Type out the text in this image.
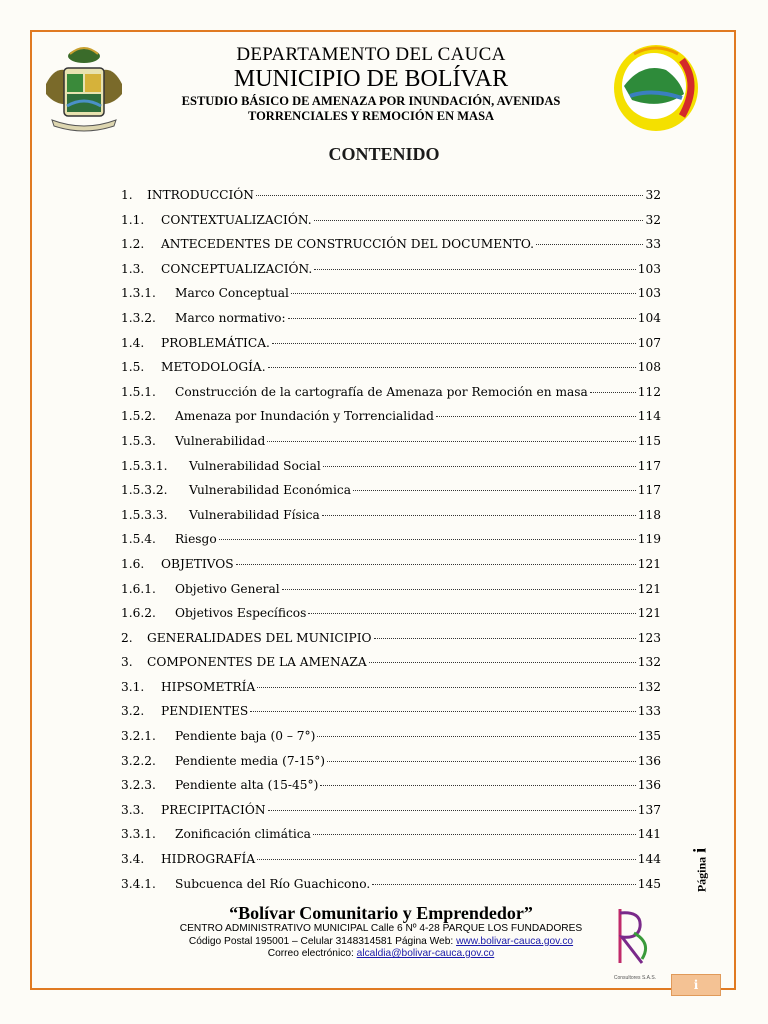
DEPARTAMENTO DEL CAUCA
MUNICIPIO DE BOLÍVAR
ESTUDIO BÁSICO DE AMENAZA POR INUNDACIÓN, AVENIDAS
TORRENCIALES Y REMOCIÓN EN MASA
CONTENIDO
1.	INTRODUCCIÓN	32
1.1.	CONTEXTUALIZACIÓN.	32
1.2.	ANTECEDENTES DE CONSTRUCCIÓN DEL DOCUMENTO.	33
1.3.	CONCEPTUALIZACIÓN.	103
1.3.1.	Marco Conceptual	103
1.3.2.	Marco normativo:	104
1.4.	PROBLEMÁTICA.	107
1.5.	METODOLOGÍA.	108
1.5.1.	Construcción de la cartografía de Amenaza por Remoción en masa	112
1.5.2.	Amenaza por Inundación y Torrencialidad	114
1.5.3.	Vulnerabilidad	115
1.5.3.1.	Vulnerabilidad Social	117
1.5.3.2.	Vulnerabilidad Económica	117
1.5.3.3.	Vulnerabilidad Física	118
1.5.4.	Riesgo	119
1.6.	OBJETIVOS	121
1.6.1.	Objetivo General	121
1.6.2.	Objetivos Específicos	121
2.	GENERALIDADES DEL MUNICIPIO	123
3.	COMPONENTES DE LA AMENAZA	132
3.1.	HIPSOMETRÍA	132
3.2.	PENDIENTES	133
3.2.1.	Pendiente baja (0 – 7°)	135
3.2.2.	Pendiente media (7-15°)	136
3.2.3.	Pendiente alta (15-45°)	136
3.3.	PRECIPITACIÓN	137
3.3.1.	Zonificación climática	141
3.4.	HIDROGRAFÍA	144
3.4.1.	Subcuenca del Río Guachicono.	145	Páginai
“Bolívar Comunitario y Emprendedor”
CENTRO ADMINISTRATIVO MUNICIPAL Calle 6 Nº 4-28 PARQUE LOS FUNDADORES
Código Postal 195001 – Celular 3148314581 Página Web: www.bolivar-cauca.gov.co
Correo electrónico: alcaldia@bolivar-cauca.gov.co
Consultores S.A.S.	i
